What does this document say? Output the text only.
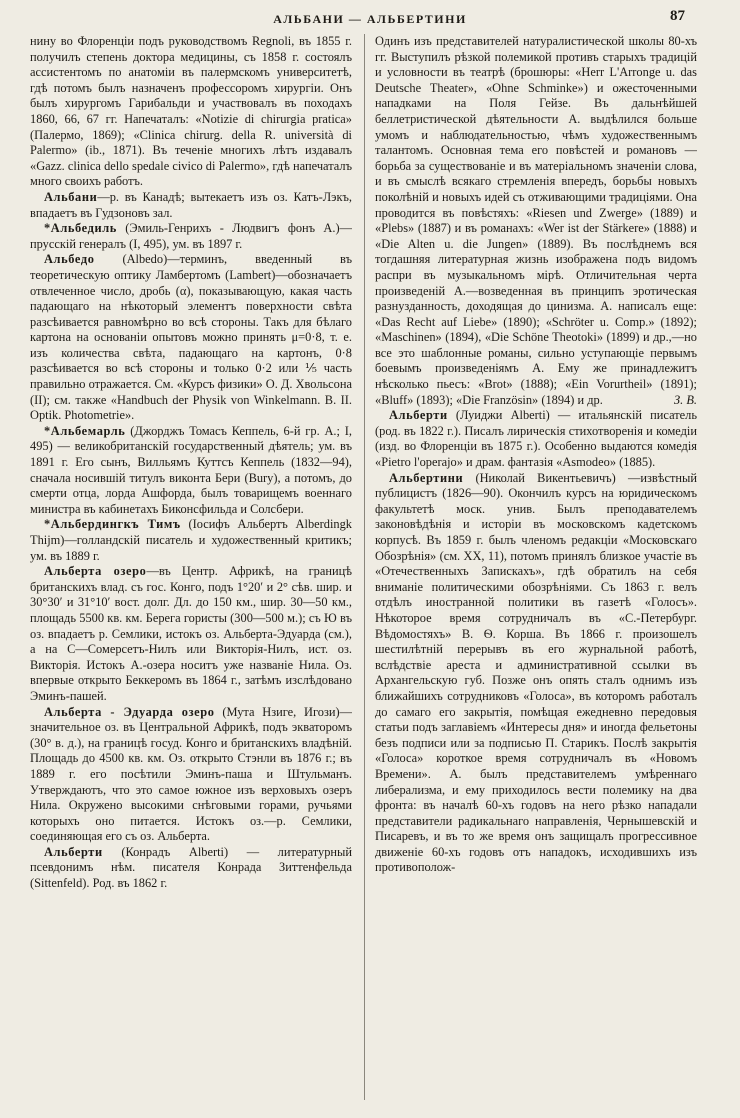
АЛЬБАНИ — АЛЬБЕРТИНИ	87

нину во Флоренціи подъ руководствомъ Regnoli, въ 1855 г. получилъ степень доктора медицины, съ 1858 г. состоялъ ассистентомъ по анатоміи въ палермскомъ университетѣ, гдѣ потомъ былъ назначенъ профессоромъ хирургіи. Онъ былъ хирургомъ Гарибальди и участвовалъ въ походахъ 1860, 66, 67 гг. Напечаталъ: «Notizie di chirurgia pratica» (Палермо, 1869); «Clinica chirurg. della R. università di Palermo» (ib., 1871). Въ теченіе многихъ лѣтъ издавалъ «Gazz. clinica dello spedale civico di Palermo», гдѣ напечаталъ много своихъ работъ.

Альбани—р. въ Канадѣ; вытекаетъ изъ оз. Катъ-Лэкъ, впадаетъ въ Гудзоновъ зал.

*Альбедиль (Эмиль-Генрихъ - Людвигъ фонъ А.)—прусскій генералъ (I, 495), ум. въ 1897 г.

Альбедо (Albedo)—терминъ, введенный въ теоретическую оптику Ламбертомъ (Lambert)—обозначаетъ отвлеченное число, дробь (α), показывающую, какая часть падающаго на нѣкоторый элементъ поверхности свѣта разсѣивается равномѣрно во всѣ стороны. Такъ для бѣлаго картона на основаніи опытовъ можно принять μ=0·8, т. е. изъ количества свѣта, падающаго на картонъ, 0·8 разсѣивается во всѣ стороны и только 0·2 или ⅕ часть правильно отражается. См. «Курсъ физики» О. Д. Хвольсона (II); см. также «Handbuch der Physik von Winkelmann. B. II. Optik. Photometrie».

*Альбемарль (Джорджъ Томасъ Кеппель, 6-й гр. А.; I, 495) — великобританскій государственный дѣятель; ум. въ 1891 г. Его сынъ, Вилльямъ Куттсъ Кеппель (1832—94), сначала носившій титулъ виконта Бери (Bury), а потомъ, до смерти отца, лорда Ашфорда, былъ товарищемъ военнаго министра въ кабинетахъ Биконсфильда и Солсбери.

*Альбердингкъ Тимъ (Іосифъ Альбертъ Alberdingk Thijm)—голландскій писатель и художественный критикъ; ум. въ 1889 г.

Альберта озеро—въ Центр. Африкѣ, на границѣ британскихъ влад. съ гос. Конго, подъ 1°20′ и 2° сѣв. шир. и 30°30′ и 31°10′ вост. долг. Дл. до 150 км., шир. 30—50 км., площадь 5500 кв. км. Берега гористы (300—500 м.); съ Ю въ оз. впадаетъ р. Семлики, истокъ оз. Альберта-Эдуарда (см.), а на С—Сомерсетъ-Нилъ или Викторія-Нилъ, ист. оз. Викторія. Истокъ А.-озера носитъ уже названіе Нила. Оз. впервые открыто Беккеромъ въ 1864 г., затѣмъ изслѣдовано Эминъ-пашей.

Альберта - Эдуарда озеро (Мута Нзиге, Игози)—значительное оз. въ Центральной Африкѣ, подъ экваторомъ (30° в. д.), на границѣ госуд. Конго и британскихъ владѣній. Площадь до 4500 кв. км. Оз. открыто Стэнли въ 1876 г.; въ 1889 г. его посѣтили Эминъ-паша и Штульманъ. Утверждаютъ, что это самое южное изъ верховыхъ озеръ Нила. Окружено высокими снѣговыми горами, ручьями которыхъ оно питается. Истокъ оз.—р. Семлики, соединяющая его съ оз. Альберта.

Альберти (Конрадъ Alberti) — литературный псевдонимъ нѣм. писателя Конрада Зиттенфельда (Sittenfeld). Род. въ 1862 г.

Одинъ изъ представителей натуралистической школы 80-хъ гг. Выступилъ рѣзкой полемикой противъ старыхъ традицій и условности въ театрѣ (брошюры: «Herr L'Arronge u. das Deutsche Theater», «Ohne Schminke») и ожесточенными нападками на Поля Гейзе. Въ дальнѣйшей беллетристической дѣятельности А. выдѣлился больше умомъ и наблюдательностью, чѣмъ художественнымъ талантомъ. Основная тема его повѣстей и романовъ — борьба за существованіе и въ матеріальномъ значеніи слова, и въ смыслѣ всякаго стремленія впередъ, борьбы новыхъ поколѣній и новыхъ идей съ отживающими традиціями. Она проводится въ повѣстяхъ: «Riesen und Zwerge» (1889) и «Plebs» (1887) и въ романахъ: «Wer ist der Stärkere» (1888) и «Die Alten u. die Jungen» (1889). Въ послѣднемъ вся тогдашняя литературная жизнь изображена подъ видомъ распри въ музыкальномъ мірѣ. Отличительная черта произведеній А.—возведенная въ принципъ эротическая разнузданность, доходящая до цинизма. А. написалъ еще: «Das Recht auf Liebe» (1890); «Schröter u. Comp.» (1892); «Maschinen» (1894), «Die Schöne Theotoki» (1899) и др.,—но все это шаблонные романы, сильно уступающіе первымъ боевымъ произведеніямъ А. Ему же принадлежитъ нѣсколько пьесъ: «Brot» (1888); «Ein Vorurtheil» (1891); «Bluff» (1893); «Die Französin» (1894) и др.	З. В.

Альберти (Луиджи Alberti) — итальянскій писатель (род. въ 1822 г.). Писалъ лирическія стихотворенія и комедіи (изд. во Флоренціи въ 1875 г.). Особенно выдаются комедія «Pietro l'operajo» и драм. фантазія «Asmodeo» (1885).

Альбертини (Николай Викентьевичъ) —извѣстный публицистъ (1826—90). Окончилъ курсъ на юридическомъ факультетѣ моск. унив. Былъ преподавателемъ законовѣдѣнія и исторіи въ московскомъ кадетскомъ корпусѣ. Въ 1859 г. былъ членомъ редакціи «Московскаго Обозрѣнія» (см. XX, 11), потомъ принялъ близкое участіе въ «Отечественныхъ Запискахъ», гдѣ обратилъ на себя вниманіе политическими обозрѣніями. Съ 1863 г. велъ отдѣлъ иностранной политики въ газетѣ «Голосъ». Нѣкоторое время сотрудничалъ въ «С.-Петербург. Вѣдомостяхъ» В. Ѳ. Корша. Въ 1866 г. произошелъ шестилѣтній перерывъ въ его журнальной работѣ, вслѣдствіе ареста и административной ссылки въ Архангельскую губ. Позже онъ опять сталъ однимъ изъ ближайшихъ сотрудниковъ «Голоса», въ которомъ работалъ до самаго его закрытія, помѣщая ежедневно передовыя статьи подъ заглавіемъ «Интересы дня» и иногда фельетоны безъ подписи или за подписью П. Старикъ. Послѣ закрытія «Голоса» короткое время сотрудничалъ въ «Новомъ Времени». А. былъ представителемъ умѣреннаго либерализма, и ему приходилось вести полемику на два фронта: въ началѣ 60-хъ годовъ на него рѣзко нападали представители радикальнаго направленія, Чернышевскій и Писаревъ, и въ то же время онъ защищалъ прогрессивное движеніе 60-хъ годовъ отъ нападокъ, исходившихъ изъ противополож-
